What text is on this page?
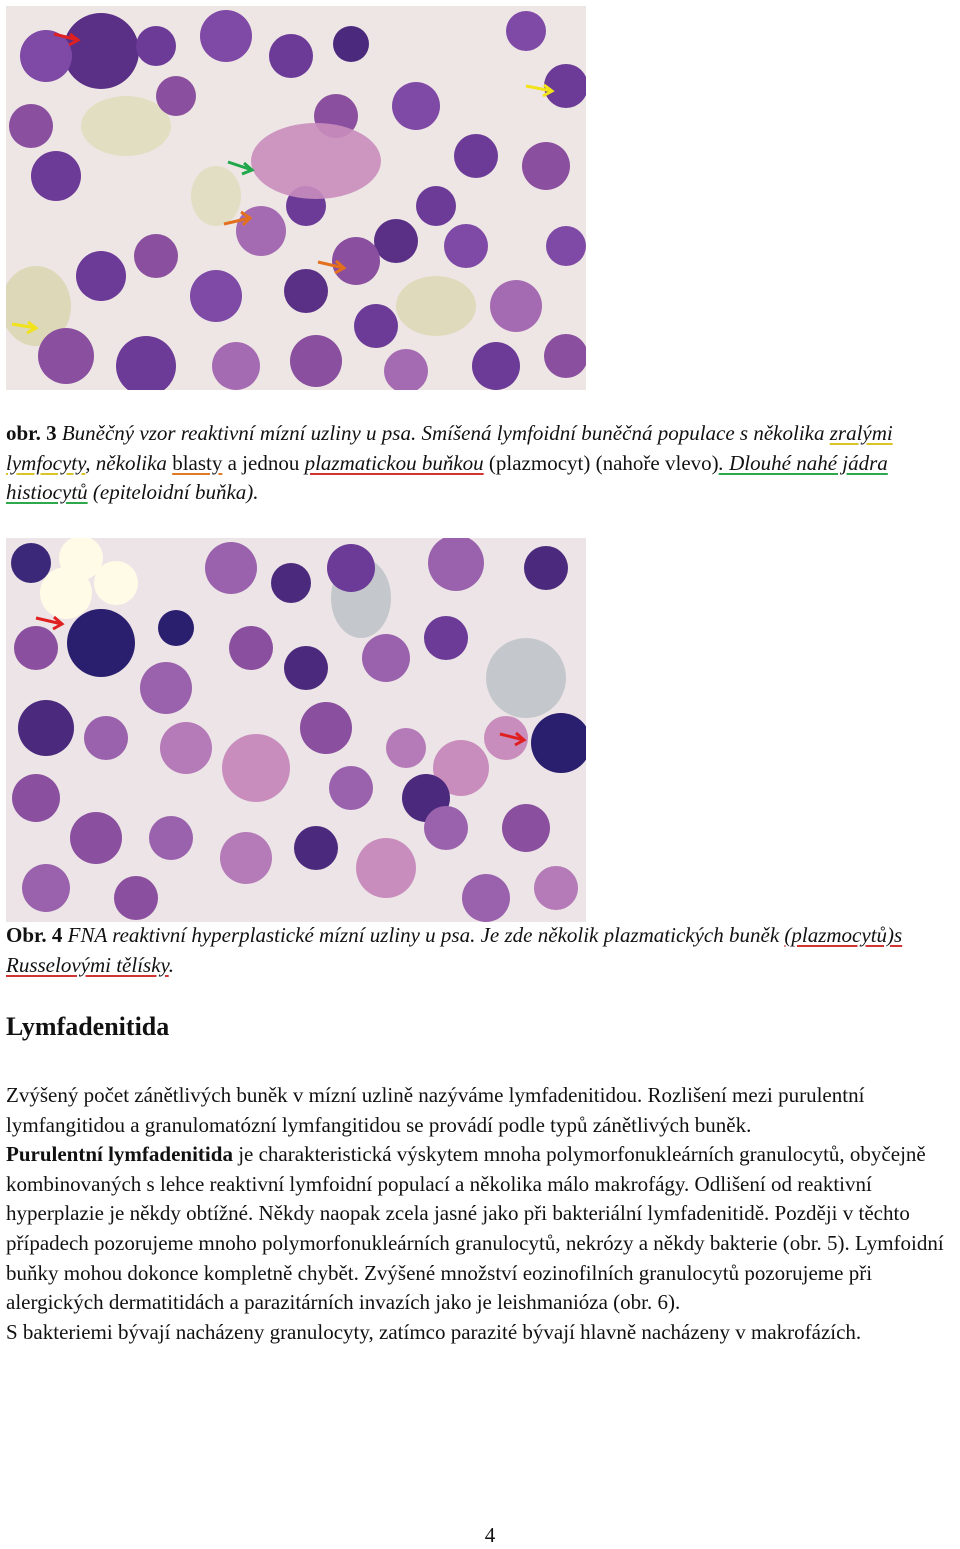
obr. 3 Buněčný vzor reaktivní mízní uzliny u psa. Smíšená lymfoidní buněčná populace s několika zralými lymfocyty, několika blasty a jednou plazmatickou buňkou (plazmocyt) (nahoře vlevo). Dlouhé nahé jádra histiocytů (epiteloidní buňka).
Obr. 4 FNA reaktivní hyperplastické mízní uzliny u psa. Je zde několik plazmatických buněk (plazmocytů)s Russelovými tělísky.
Lymfadenitida

Zvýšený počet zánětlivých buněk v mízní uzlině nazýváme lymfadenitidou. Rozlišení mezi purulentní lymfangitidou a granulomatózní lymfangitidou se provádí podle typů zánětlivých buněk.

Purulentní lymfadenitida je charakteristická výskytem mnoha polymorfonukleárních granulocytů, obyčejně kombinovaných s lehce reaktivní lymfoidní populací a několika málo makrofágy. Odlišení od reaktivní hyperplazie je někdy obtížné. Někdy naopak zcela jasné jako při bakteriální lymfadenitidě. Později v těchto případech pozorujeme mnoho polymorfonukleárních granulocytů, nekrózy a někdy bakterie (obr. 5). Lymfoidní buňky mohou dokonce kompletně chybět. Zvýšené množství eozinofilních granulocytů pozorujeme při alergických dermatitidách a parazitárních invazích jako je leishmanióza (obr. 6).

S bakteriemi bývají nacházeny granulocyty, zatímco parazité bývají hlavně nacházeny v makrofázích.

4
